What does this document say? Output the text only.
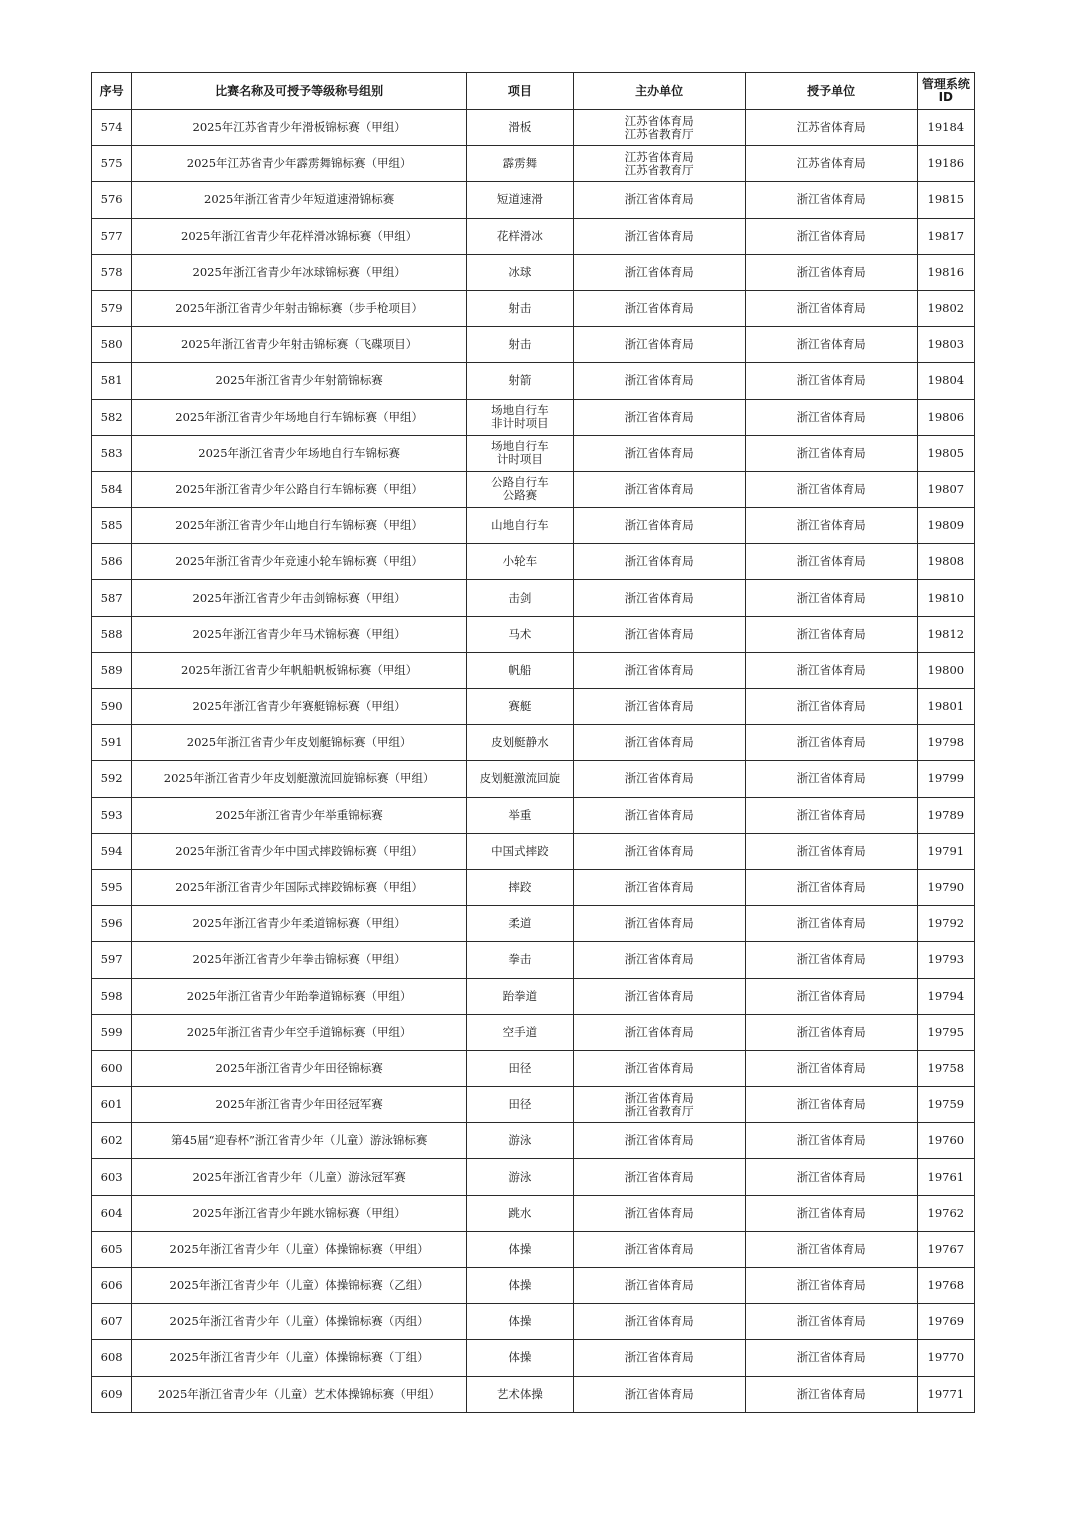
序号	比赛名称及可授予等级称号组别	项目	主办单位	授予单位	管理系统
ID
574	2025年江苏省青少年滑板锦标赛（甲组）	滑板	江苏省体育局
江苏省教育厅	江苏省体育局	19184
575	2025年江苏省青少年霹雳舞锦标赛（甲组）	霹雳舞	江苏省体育局
江苏省教育厅	江苏省体育局	19186
576	2025年浙江省青少年短道速滑锦标赛	短道速滑	浙江省体育局	浙江省体育局	19815
577	2025年浙江省青少年花样滑冰锦标赛（甲组）	花样滑冰	浙江省体育局	浙江省体育局	19817
578	2025年浙江省青少年冰球锦标赛（甲组）	冰球	浙江省体育局	浙江省体育局	19816
579	2025年浙江省青少年射击锦标赛（步手枪项目）	射击	浙江省体育局	浙江省体育局	19802
580	2025年浙江省青少年射击锦标赛（飞碟项目）	射击	浙江省体育局	浙江省体育局	19803
581	2025年浙江省青少年射箭锦标赛	射箭	浙江省体育局	浙江省体育局	19804
582	2025年浙江省青少年场地自行车锦标赛（甲组）	场地自行车
非计时项目	浙江省体育局	浙江省体育局	19806
583	2025年浙江省青少年场地自行车锦标赛	场地自行车
计时项目	浙江省体育局	浙江省体育局	19805
584	2025年浙江省青少年公路自行车锦标赛（甲组）	公路自行车
公路赛	浙江省体育局	浙江省体育局	19807
585	2025年浙江省青少年山地自行车锦标赛（甲组）	山地自行车	浙江省体育局	浙江省体育局	19809
586	2025年浙江省青少年竞速小轮车锦标赛（甲组）	小轮车	浙江省体育局	浙江省体育局	19808
587	2025年浙江省青少年击剑锦标赛（甲组）	击剑	浙江省体育局	浙江省体育局	19810
588	2025年浙江省青少年马术锦标赛（甲组）	马术	浙江省体育局	浙江省体育局	19812
589	2025年浙江省青少年帆船帆板锦标赛（甲组）	帆船	浙江省体育局	浙江省体育局	19800
590	2025年浙江省青少年赛艇锦标赛（甲组）	赛艇	浙江省体育局	浙江省体育局	19801
591	2025年浙江省青少年皮划艇锦标赛（甲组）	皮划艇静水	浙江省体育局	浙江省体育局	19798
592	2025年浙江省青少年皮划艇激流回旋锦标赛（甲组）	皮划艇激流回旋	浙江省体育局	浙江省体育局	19799
593	2025年浙江省青少年举重锦标赛	举重	浙江省体育局	浙江省体育局	19789
594	2025年浙江省青少年中国式摔跤锦标赛（甲组）	中国式摔跤	浙江省体育局	浙江省体育局	19791
595	2025年浙江省青少年国际式摔跤锦标赛（甲组）	摔跤	浙江省体育局	浙江省体育局	19790
596	2025年浙江省青少年柔道锦标赛（甲组）	柔道	浙江省体育局	浙江省体育局	19792
597	2025年浙江省青少年拳击锦标赛（甲组）	拳击	浙江省体育局	浙江省体育局	19793
598	2025年浙江省青少年跆拳道锦标赛（甲组）	跆拳道	浙江省体育局	浙江省体育局	19794
599	2025年浙江省青少年空手道锦标赛（甲组）	空手道	浙江省体育局	浙江省体育局	19795
600	2025年浙江省青少年田径锦标赛	田径	浙江省体育局	浙江省体育局	19758
601	2025年浙江省青少年田径冠军赛	田径	浙江省体育局
浙江省教育厅	浙江省体育局	19759
602	第45届“迎春杯”浙江省青少年（儿童）游泳锦标赛	游泳	浙江省体育局	浙江省体育局	19760
603	2025年浙江省青少年（儿童）游泳冠军赛	游泳	浙江省体育局	浙江省体育局	19761
604	2025年浙江省青少年跳水锦标赛（甲组）	跳水	浙江省体育局	浙江省体育局	19762
605	2025年浙江省青少年（儿童）体操锦标赛（甲组）	体操	浙江省体育局	浙江省体育局	19767
606	2025年浙江省青少年（儿童）体操锦标赛（乙组）	体操	浙江省体育局	浙江省体育局	19768
607	2025年浙江省青少年（儿童）体操锦标赛（丙组）	体操	浙江省体育局	浙江省体育局	19769
608	2025年浙江省青少年（儿童）体操锦标赛（丁组）	体操	浙江省体育局	浙江省体育局	19770
609	2025年浙江省青少年（儿童）艺术体操锦标赛（甲组）	艺术体操	浙江省体育局	浙江省体育局	19771
